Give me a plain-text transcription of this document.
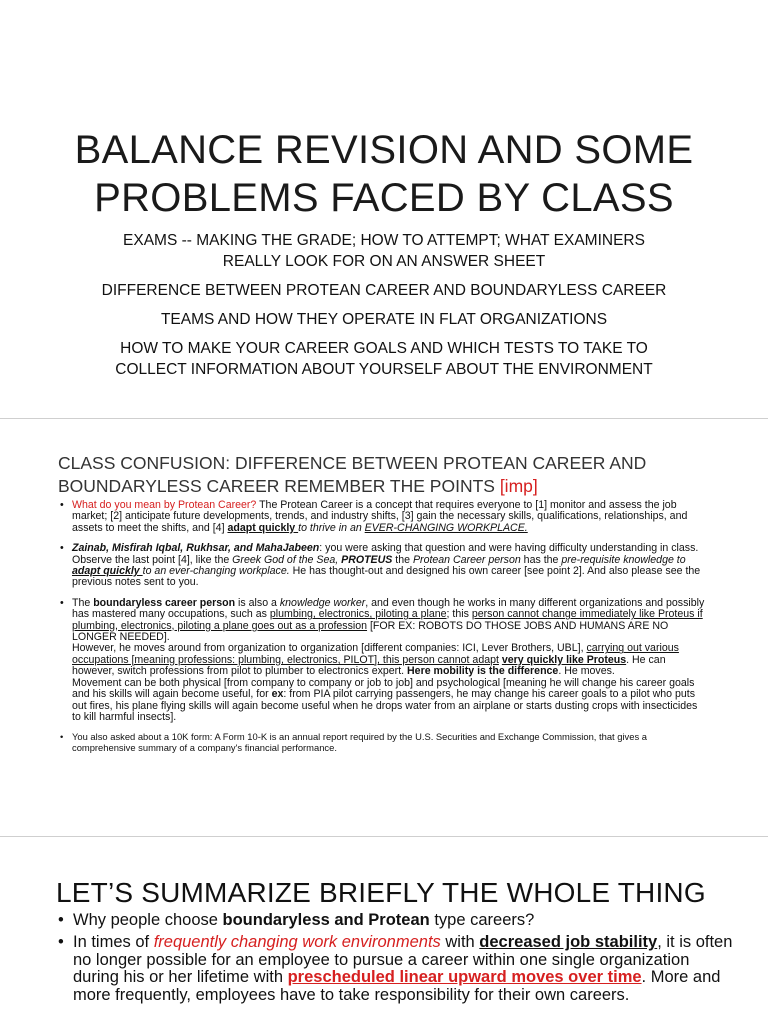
BALANCE REVISION AND SOME
PROBLEMS FACED BY CLASS
EXAMS -- MAKING THE GRADE; HOW TO ATTEMPT; WHAT EXAMINERS
REALLY LOOK FOR ON AN ANSWER SHEET
DIFFERENCE BETWEEN PROTEAN CAREER AND BOUNDARYLESS CAREER
TEAMS AND HOW THEY OPERATE IN FLAT ORGANIZATIONS
HOW TO MAKE YOUR CAREER GOALS AND WHICH TESTS TO TAKE TO
COLLECT INFORMATION ABOUT YOURSELF ABOUT THE ENVIRONMENT
CLASS CONFUSION: DIFFERENCE BETWEEN PROTEAN CAREER AND
BOUNDARYLESS CAREER REMEMBER THE POINTS [imp]
• What do you mean by Protean Career? The Protean Career is a concept that requires everyone to [1] monitor and assess the job market; [2] anticipate future developments, trends, and industry shifts, [3] gain the necessary skills, qualifications, relationships, and assets to meet the shifts, and [4] adapt quickly to thrive in an EVER-CHANGING WORKPLACE.
• Zainab, Misfirah Iqbal, Rukhsar, and MahaJabeen: you were asking that question and were having difficulty understanding in class. Observe the last point [4], like the Greek God of the Sea, PROTEUS the Protean Career person has the pre-requisite knowledge to adapt quickly to an ever-changing workplace. He has thought-out and designed his own career [see point 2]. And also please see the previous notes sent to you.
• The boundaryless career person is also a knowledge worker, and even though he works in many different organizations and possibly has mastered many occupations, such as plumbing, electronics, piloting a plane; this person cannot change immediately like Proteus if plumbing, electronics, piloting a plane goes out as a profession [FOR EX: ROBOTS DO THOSE JOBS AND HUMANS ARE NO LONGER NEEDED].
However, he moves around from organization to organization [different companies: ICI, Lever Brothers, UBL], carrying out various occupations [meaning professions: plumbing, electronics, PILOT], this person cannot adapt very quickly like Proteus. He can however, switch professions from pilot to plumber to electronics expert. Here mobility is the difference. He moves.
Movement can be both physical [from company to company or job to job] and psychological [meaning he will change his career goals and his skills will again become useful, for ex: from PIA pilot carrying passengers, he may change his career goals to a pilot who puts out fires, his plane flying skills will again become useful when he drops water from an airplane or starts dusting crops with insecticides to kill harmful insects].
• You also asked about a 10K form: A Form 10-K is an annual report required by the U.S. Securities and Exchange Commission, that gives a comprehensive summary of a company's financial performance.
LET’S SUMMARIZE BRIEFLY THE WHOLE THING
• Why people choose boundaryless and Protean type careers?
• In times of frequently changing work environments with decreased job stability, it is often no longer possible for an employee to pursue a career within one single organization during his or her lifetime with prescheduled linear upward moves over time. More and more frequently, employees have to take responsibility for their own careers.
